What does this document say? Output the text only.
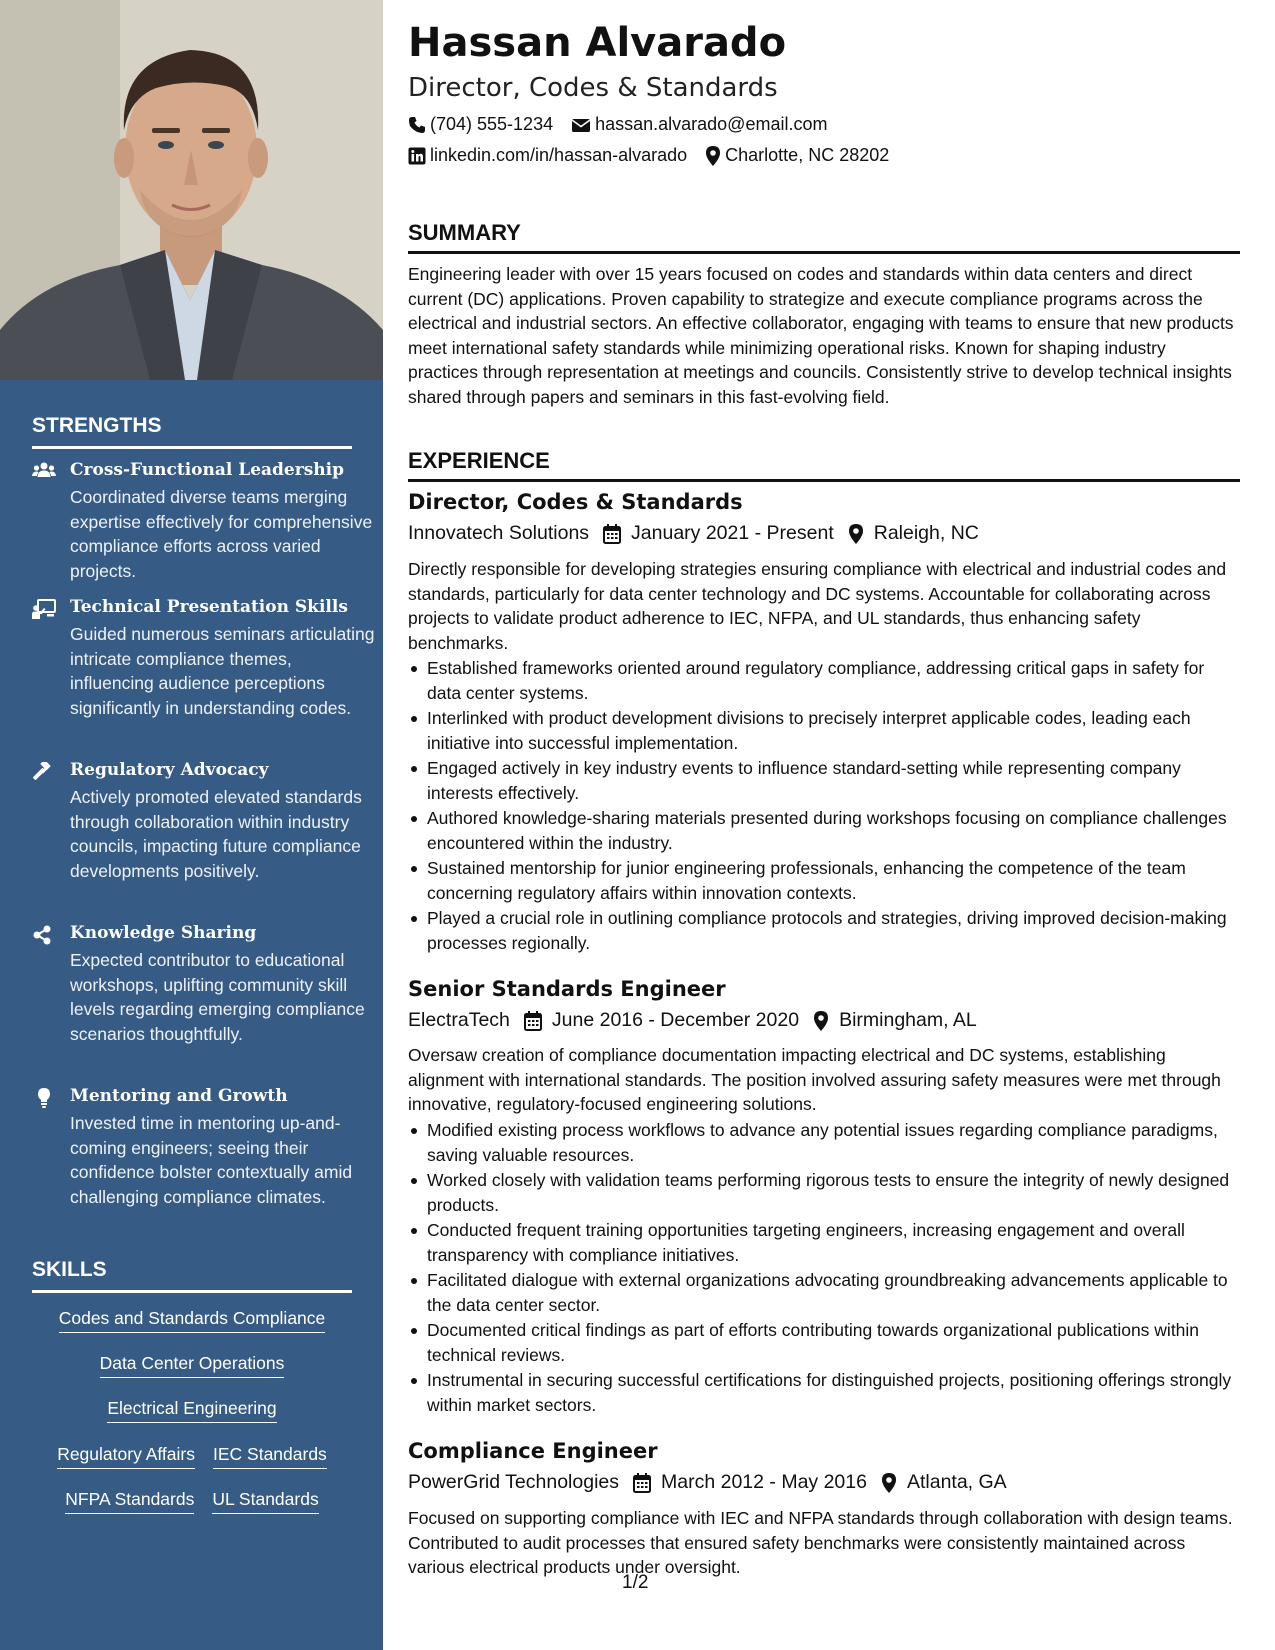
STRENGTHS
Cross-Functional Leadership
Coordinated diverse teams merging expertise effectively for comprehensive compliance efforts across varied projects.
Technical Presentation Skills
Guided numerous seminars articulating intricate compliance themes, influencing audience perceptions significantly in understanding codes.
Regulatory Advocacy
Actively promoted elevated standards through collaboration within industry councils, impacting future compliance developments positively.
Knowledge Sharing
Expected contributor to educational workshops, uplifting community skill levels regarding emerging compliance scenarios thoughtfully.
Mentoring and Growth
Invested time in mentoring up-and-coming engineers; seeing their confidence bolster contextually amid challenging compliance climates.
SKILLS
Codes and Standards Compliance
Data Center Operations
Electrical Engineering
Regulatory Affairs IEC Standards
NFPA Standards UL Standards
Hassan Alvarado
Director, Codes & Standards
(704) 555-1234 hassan.alvarado@email.com
linkedin.com/in/hassan-alvarado Charlotte, NC 28202
SUMMARY
Engineering leader with over 15 years focused on codes and standards within data centers and direct current (DC) applications. Proven capability to strategize and execute compliance programs across the electrical and industrial sectors. An effective collaborator, engaging with teams to ensure that new products meet international safety standards while minimizing operational risks. Known for shaping industry practices through representation at meetings and councils. Consistently strive to develop technical insights shared through papers and seminars in this fast-evolving field.
EXPERIENCE
Director, Codes & Standards
Innovatech Solutions January 2021 - Present Raleigh, NC
Directly responsible for developing strategies ensuring compliance with electrical and industrial codes and standards, particularly for data center technology and DC systems. Accountable for collaborating across projects to validate product adherence to IEC, NFPA, and UL standards, thus enhancing safety benchmarks.
Established frameworks oriented around regulatory compliance, addressing critical gaps in safety for data center systems.
Interlinked with product development divisions to precisely interpret applicable codes, leading each initiative into successful implementation.
Engaged actively in key industry events to influence standard-setting while representing company interests effectively.
Authored knowledge-sharing materials presented during workshops focusing on compliance challenges encountered within the industry.
Sustained mentorship for junior engineering professionals, enhancing the competence of the team concerning regulatory affairs within innovation contexts.
Played a crucial role in outlining compliance protocols and strategies, driving improved decision-making processes regionally.
Senior Standards Engineer
ElectraTech June 2016 - December 2020 Birmingham, AL
Oversaw creation of compliance documentation impacting electrical and DC systems, establishing alignment with international standards. The position involved assuring safety measures were met through innovative, regulatory-focused engineering solutions.
Modified existing process workflows to advance any potential issues regarding compliance paradigms, saving valuable resources.
Worked closely with validation teams performing rigorous tests to ensure the integrity of newly designed products.
Conducted frequent training opportunities targeting engineers, increasing engagement and overall transparency with compliance initiatives.
Facilitated dialogue with external organizations advocating groundbreaking advancements applicable to the data center sector.
Documented critical findings as part of efforts contributing towards organizational publications within technical reviews.
Instrumental in securing successful certifications for distinguished projects, positioning offerings strongly within market sectors.
Compliance Engineer
PowerGrid Technologies March 2012 - May 2016 Atlanta, GA
Focused on supporting compliance with IEC and NFPA standards through collaboration with design teams. Contributed to audit processes that ensured safety benchmarks were consistently maintained across various electrical products under oversight.
1/2
